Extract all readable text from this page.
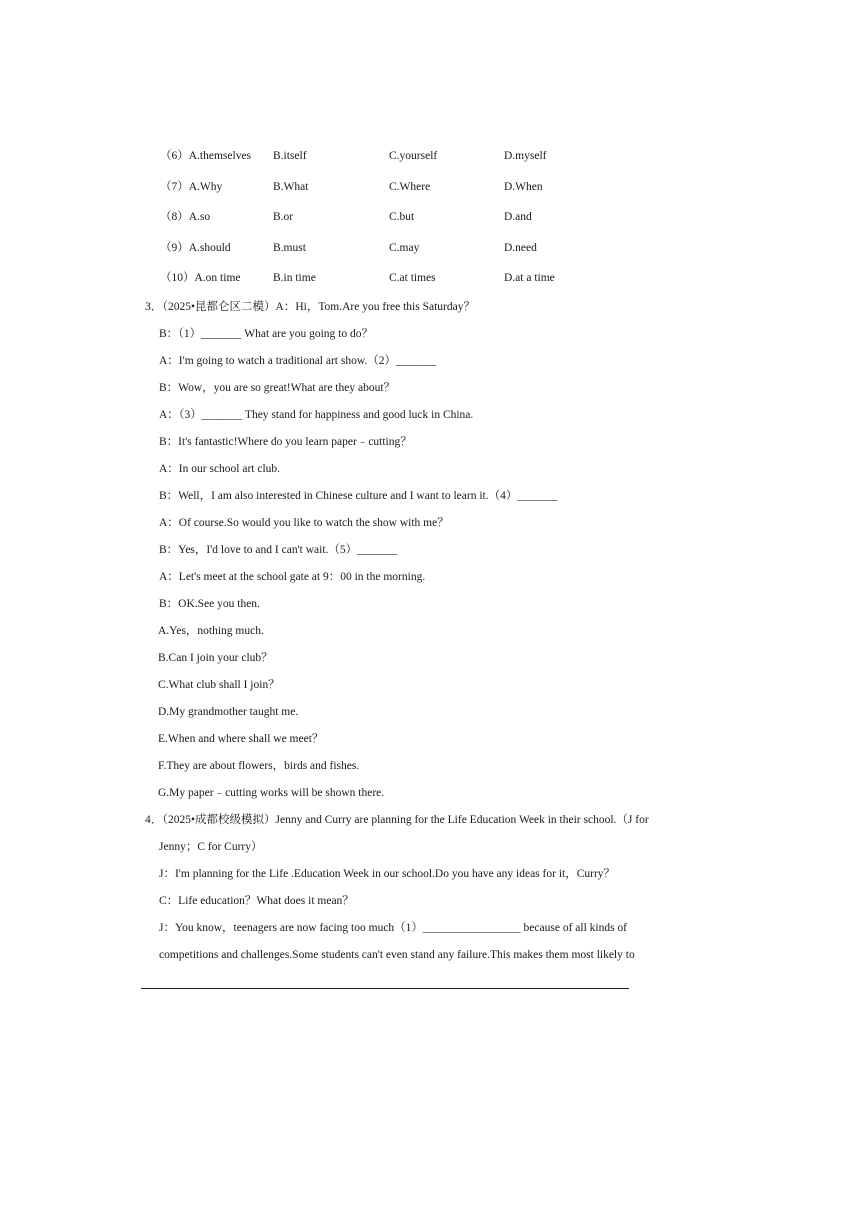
（6）A.themselves B.itself	C.yourself	D.myself
（7）A.Why	B.What	C.Where	D.When
（8）A.so	B.or	C.but	D.and
（9）A.should	B.must	C.may	D.need
（10）A.on time	B.in time	C.at times	D.at a time
3．（2025•昆都仑区二模）A：Hi，Tom.Are you free this Saturday？
B：（1）_______ What are you going to do？
A：I'm going to watch a traditional art show.（2）_______
B：Wow，you are so great!What are they about？
A：（3）_______ They stand for happiness and good luck in China.
B：It's fantastic!Where do you learn paper﹣cutting？
A：In our school art club.
B：Well，I am also interested in Chinese culture and I want to learn it.（4）_______
A：Of course.So would you like to watch the show with me？
B：Yes，I'd love to and I can't wait.（5）_______
A：Let's meet at the school gate at 9：00 in the morning.
B：OK.See you then.
A.Yes，nothing much.
B.Can I join your club？
C.What club shall I join？
D.My grandmother taught me.
E.When and where shall we meet？
F.They are about flowers，birds and fishes.
G.My paper﹣cutting works will be shown there.
4．（2025•成都校级模拟）Jenny and Curry are planning for the Life Education Week in their school.（J for
Jenny；C for Curry）
J：I'm planning for the Life .Education Week in our school.Do you have any ideas for it，Curry？
C：Life education？What does it mean？
J：You know，teenagers are now facing too much（1）_________________ because of all kinds of
competitions and challenges.Some students can't even stand any failure.This makes them most likely to
